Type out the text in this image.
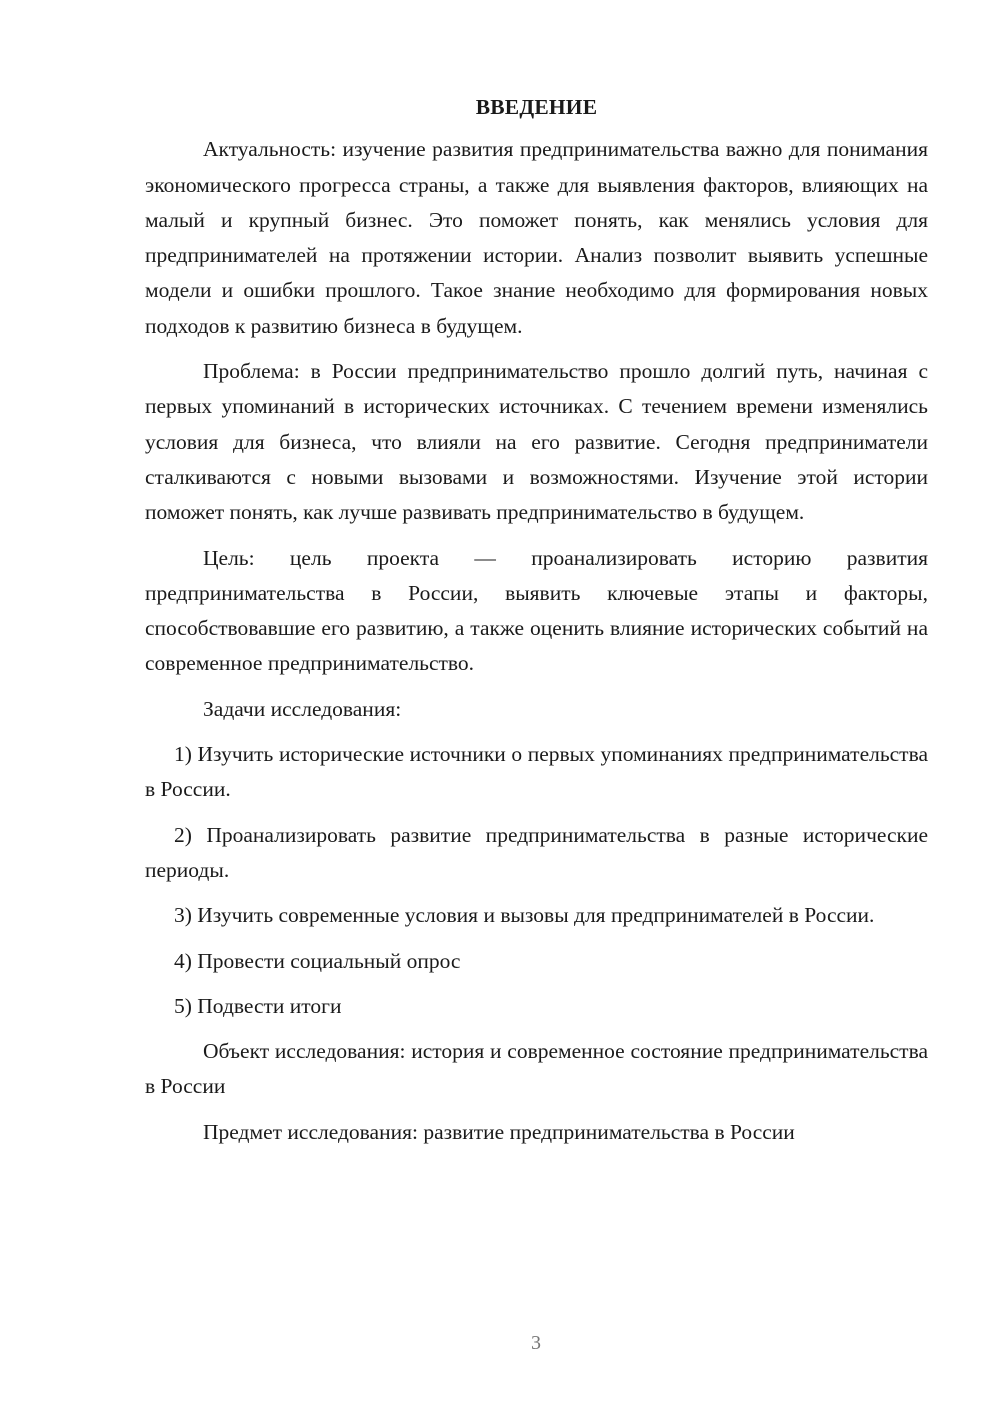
ВВЕДЕНИЕ

Актуальность: изучение развития предпринимательства важно для понимания экономического прогресса страны, а также для выявления факторов, влияющих на малый и крупный бизнес. Это поможет понять, как менялись условия для предпринимателей на протяжении истории. Анализ позволит выявить успешные модели и ошибки прошлого. Такое знание необходимо для формирования новых подходов к развитию бизнеса в будущем.

Проблема: в России предпринимательство прошло долгий путь, начиная с первых упоминаний в исторических источниках. С течением времени изменялись условия для бизнеса, что влияли на его развитие. Сегодня предприниматели сталкиваются с новыми вызовами и возможностями. Изучение этой истории поможет понять, как лучше развивать предпринимательство в будущем.

Цель: цель проекта — проанализировать историю развития предпринимательства в России, выявить ключевые этапы и факторы, способствовавшие его развитию, а также оценить влияние исторических событий на современное предпринимательство.

Задачи исследования:

1) Изучить исторические источники о первых упоминаниях предпринимательства в России.

2) Проанализировать развитие предпринимательства в разные исторические периоды.

3) Изучить современные условия и вызовы для предпринимателей в России.

4) Провести социальный опрос

5) Подвести итоги

Объект исследования: история и современное состояние предпринимательства в России

Предмет исследования: развитие предпринимательства в России

3
